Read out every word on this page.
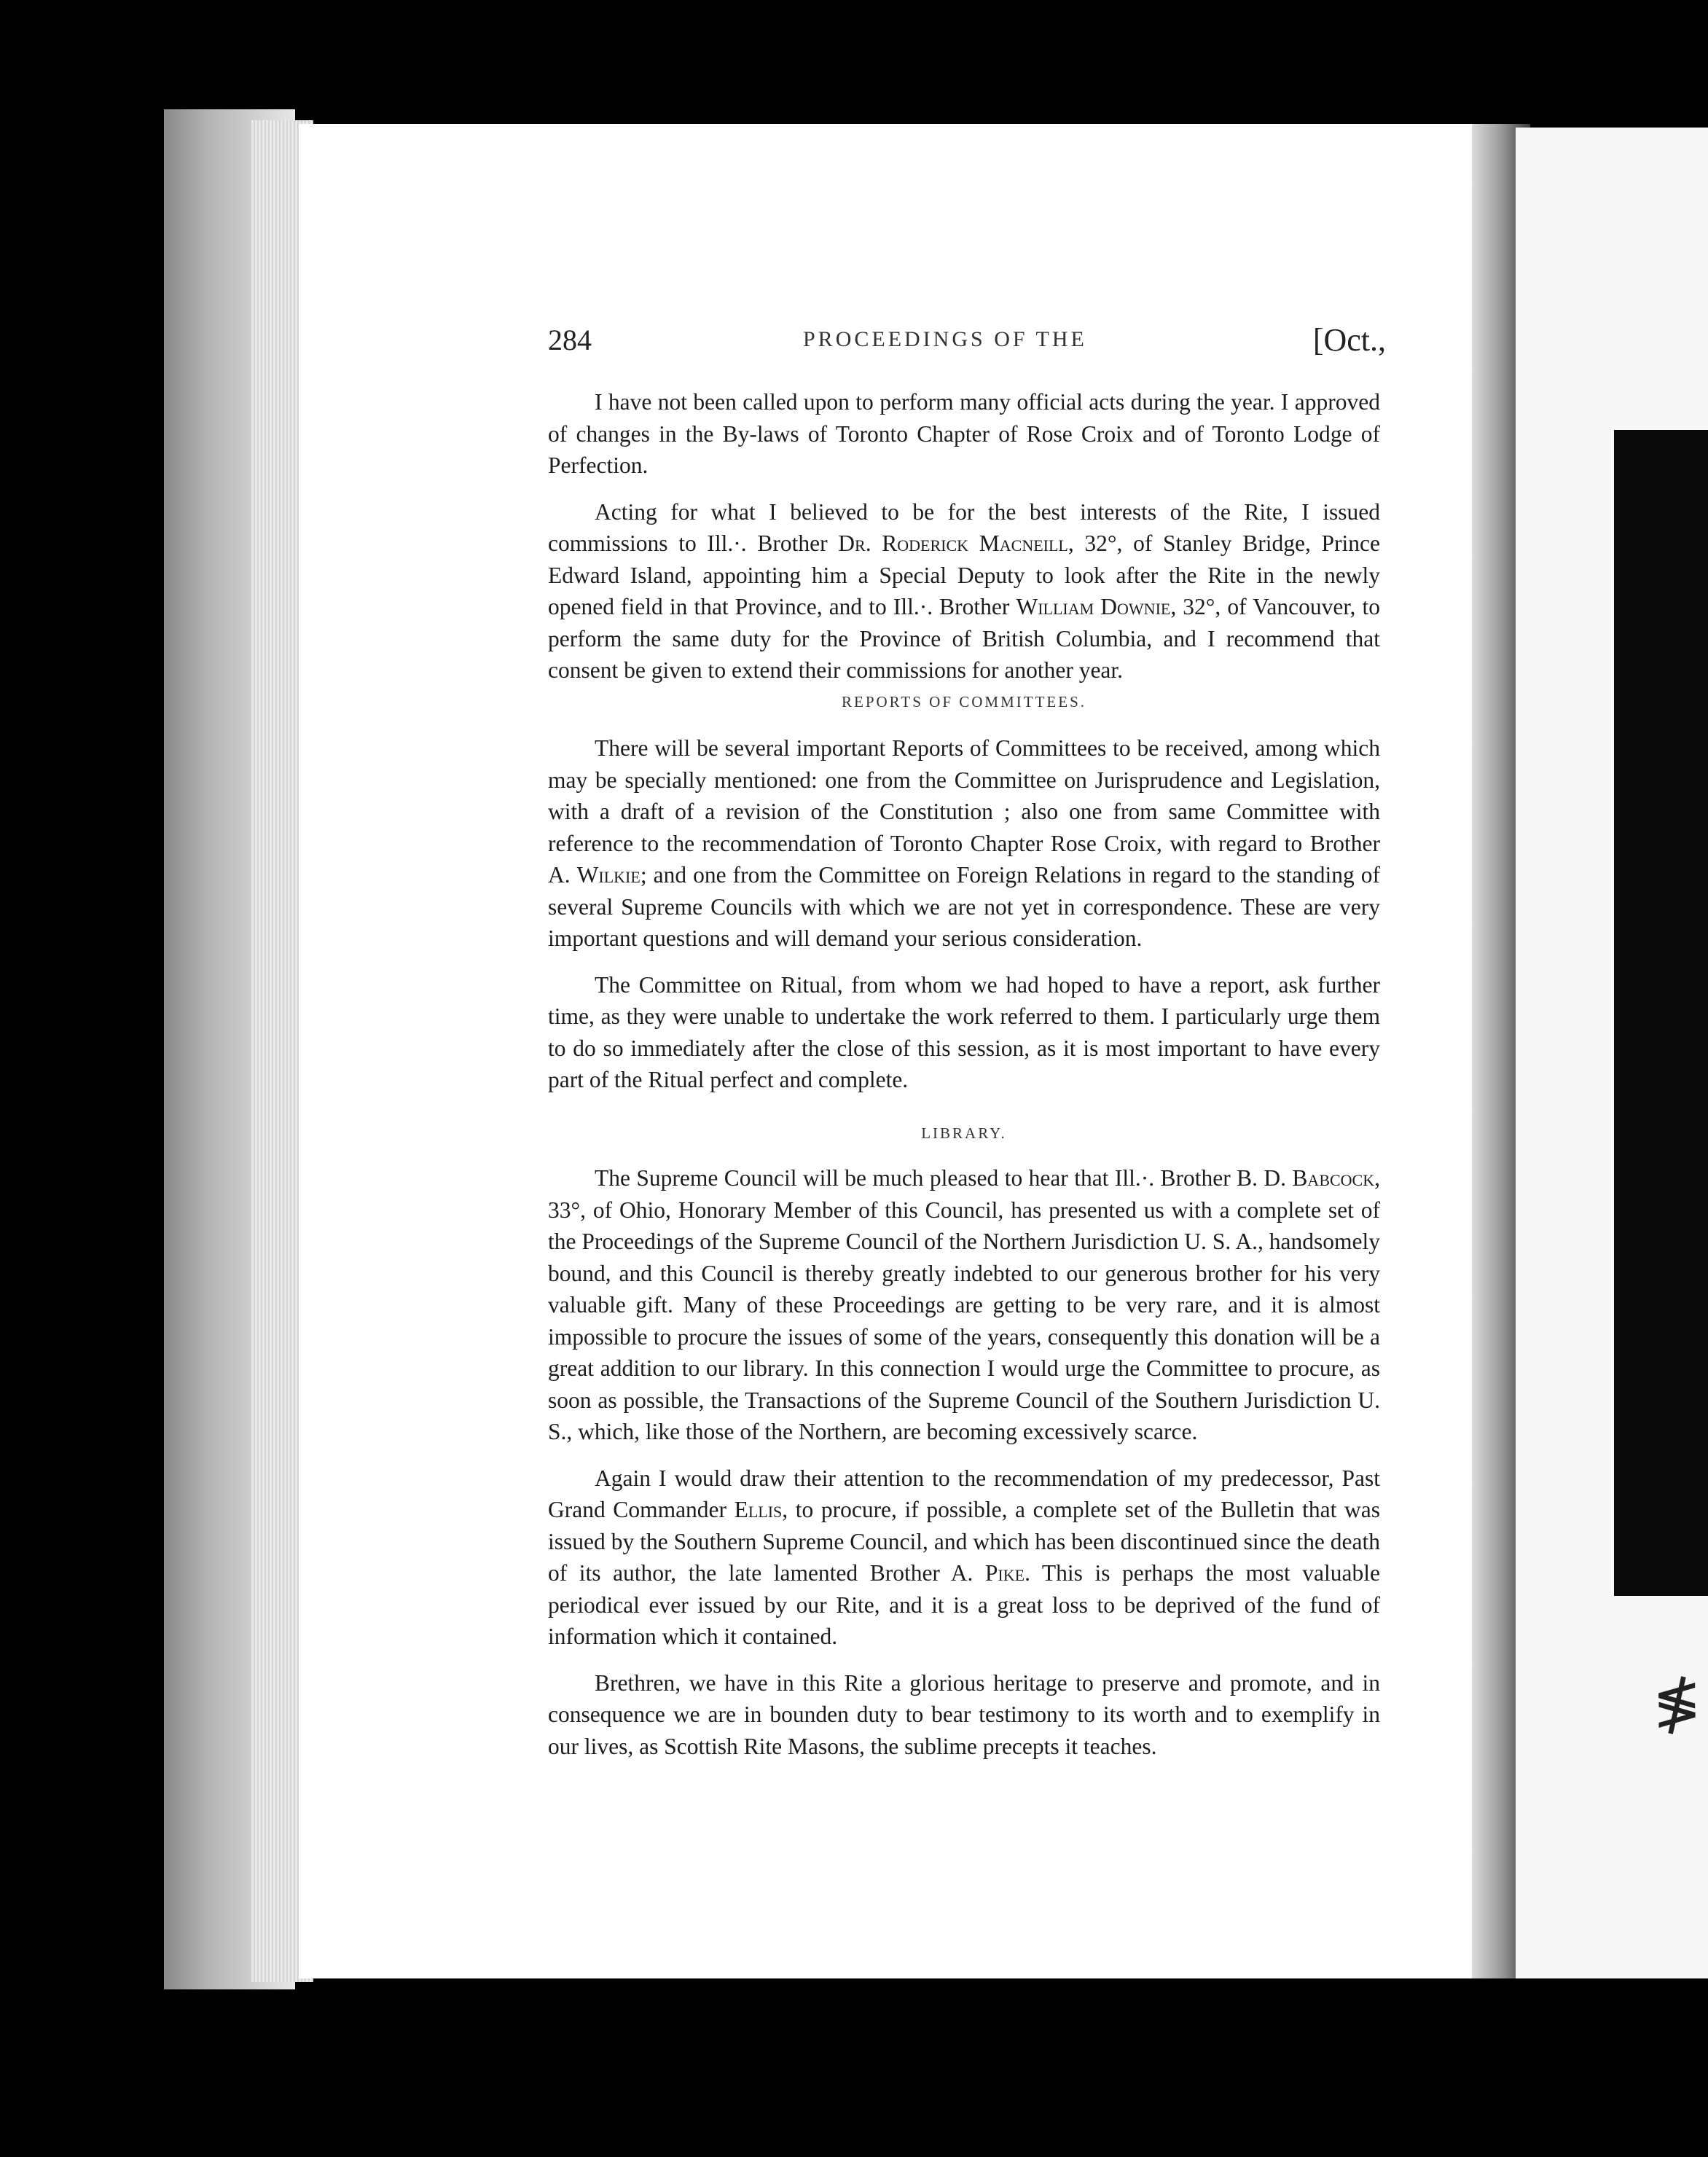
≸
284	PROCEEDINGS OF THE	[Oct.,

I have not been called upon to perform many official acts during the year. I approved of changes in the By-laws of Toronto Chapter of Rose Croix and of Toronto Lodge of Perfection.

Acting for what I believed to be for the best interests of the Rite, I issued commissions to Ill.·. Brother Dr. Roderick Macneill, 32°, of Stanley Bridge, Prince Edward Island, appointing him a Special Deputy to look after the Rite in the newly opened field in that Province, and to Ill.·. Brother William Downie, 32°, of Vancouver, to perform the same duty for the Province of British Columbia, and I recommend that consent be given to extend their commissions for another year.

REPORTS OF COMMITTEES.

There will be several important Reports of Committees to be received, among which may be specially mentioned: one from the Committee on Jurisprudence and Legislation, with a draft of a revision of the Constitution ; also one from same Committee with reference to the recommendation of Toronto Chapter Rose Croix, with regard to Brother A. Wilkie; and one from the Committee on Foreign Relations in regard to the standing of several Supreme Councils with which we are not yet in correspondence. These are very important questions and will demand your serious consideration.

The Committee on Ritual, from whom we had hoped to have a report, ask further time, as they were unable to undertake the work referred to them. I particularly urge them to do so immediately after the close of this session, as it is most important to have every part of the Ritual perfect and complete.

LIBRARY.

The Supreme Council will be much pleased to hear that Ill.·. Brother B. D. Babcock, 33°, of Ohio, Honorary Member of this Council, has presented us with a complete set of the Proceedings of the Supreme Council of the Northern Jurisdiction U. S. A., handsomely bound, and this Council is thereby greatly indebted to our generous brother for his very valuable gift. Many of these Proceedings are getting to be very rare, and it is almost impossible to procure the issues of some of the years, consequently this donation will be a great addition to our library. In this connection I would urge the Committee to procure, as soon as possible, the Transactions of the Supreme Council of the Southern Jurisdiction U. S., which, like those of the Northern, are becoming excessively scarce.

Again I would draw their attention to the recommendation of my predecessor, Past Grand Commander Ellis, to procure, if possible, a complete set of the Bulletin that was issued by the Southern Supreme Council, and which has been discontinued since the death of its author, the late lamented Brother A. Pike. This is perhaps the most valuable periodical ever issued by our Rite, and it is a great loss to be deprived of the fund of information which it contained.

Brethren, we have in this Rite a glorious heritage to preserve and promote, and in consequence we are in bounden duty to bear testimony to its worth and to exemplify in our lives, as Scottish Rite Masons, the sublime precepts it teaches.
